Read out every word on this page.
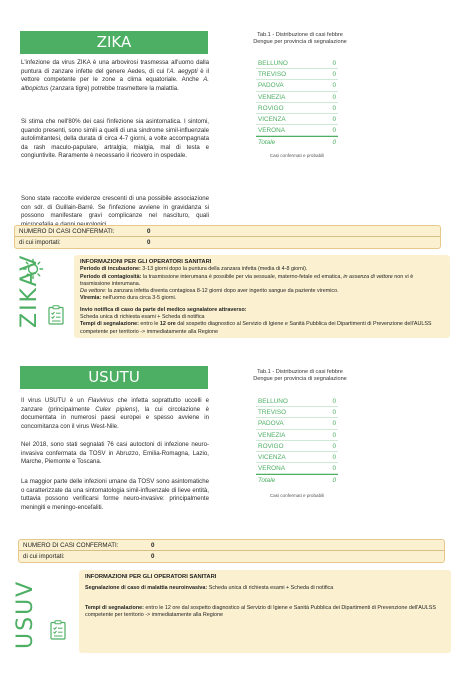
ZIKA
L'infezione da virus ZIKA è una arbovirosi trasmessa all'uomo dalla puntura di zanzare infette del genere Aedes, di cui l'A. aegypti è il vettore competente per le zone a clima equatoriale. Anche A. albopictus (zanzara tigre) potrebbe trasmettere la malattia.
Si stima che nell'80% dei casi l'infezione sia asintomatica. I sintomi, quando presenti, sono simili a quelli di una sindrome simil-influenzale autolimitantesi, della durata di circa 4-7 giorni, a volte accompagnata da rash maculo-papulare, artralgia, mialgia, mal di testa e congiuntivite. Raramente è necessario il ricovero in ospedale.
Sono state raccolte evidenze crescenti di una possibile associazione con sdr. di Guillain-Barré. Se l'infezione avviene in gravidanza si possono manifestare gravi complicanze nel nascituro, quali
Tab.1 - Distribuzione di casi febbre Dengue per provincia di segnalazione
BELLUNO	0
TREVISO	0
PADOVA	0
VENEZIA	0
ROVIGO	0
VICENZA	0
VERONA	0
Totale	0
Casi confermati e probabili
NUMERO DI CASI CONFERMATI:	0
di cui importati:	0
ZIKAV	INFORMAZIONI PER GLI OPERATORI SANITARI
Periodo di incubazione: 3-13 giorni dopo la puntura della zanzara infetta (media di 4-8 giorni).
Periodo di contagiosità: la trasmissione interumana è possibile per via sessuale, materno-fetale ed ematica, in assenza di vettore non vi è trasmissione interumana.
Da vettore: la zanzara infetta diventa contagiosa 8-12 giorni dopo aver ingerito sangue da paziente viremico.
Viremia: nell'uomo dura circa 3-5 giorni.
Invio notifica di caso da parte del medico segnalatore attraverso:
Scheda unica di richiesta esami + Scheda di notifica
Tempi di segnalazione: entro le 12 ore dal sospetto diagnostico al Servizio di Igiene e Sanità Pubblica dei Dipartimenti di Prevenzione dell'AULSS competente per territorio -> immediatamente alla Regione
USUTU
Il virus USUTU è un Flavivirus che infetta soprattutto uccelli e zanzare (principalmente Culex pipiens), la cui circolazione è documentata in numerosi paesi europei e spesso avviene in concomitanza con il virus West-Nile.
Nel 2018, sono stati segnalati 76 casi autoctoni di infezione neuro-invasiva confermata da TOSV in Abruzzo, Emilia-Romagna, Lazio, Marche, Piemonte e Toscana.
La maggior parte delle infezioni umane da TOSV sono asintomatiche o caratterizzate da una sintomatologia simil-influenzale di lieve entità, tuttavia possono verificarsi forme neuro-invasive: principalmente meningiti e meningo-encefaliti.
Tab.1 - Distribuzione di casi febbre Dengue per provincia di segnalazione
BELLUNO	0
TREVISO	0
PADOVA	0
VENEZIA	0
ROVIGO	0
VICENZA	0
VERONA	0
Totale	0
Casi confermati e probabili
NUMERO DI CASI CONFERMATI:	0
di cui importati:	0
USUV
INFORMAZIONI PER GLI OPERATORI SANITARI
Segnalazione di caso di malattia neuroinvasiva: Scheda unica di richiesta esami + Scheda di notifica
Tempi di segnalazione: entro le 12 ore dal sospetto diagnostico al Servizio di Igiene e Sanità Pubblica dei Dipartimenti di Prevenzione dell'AULSS competente per territorio -> immediatamente alla Regione
